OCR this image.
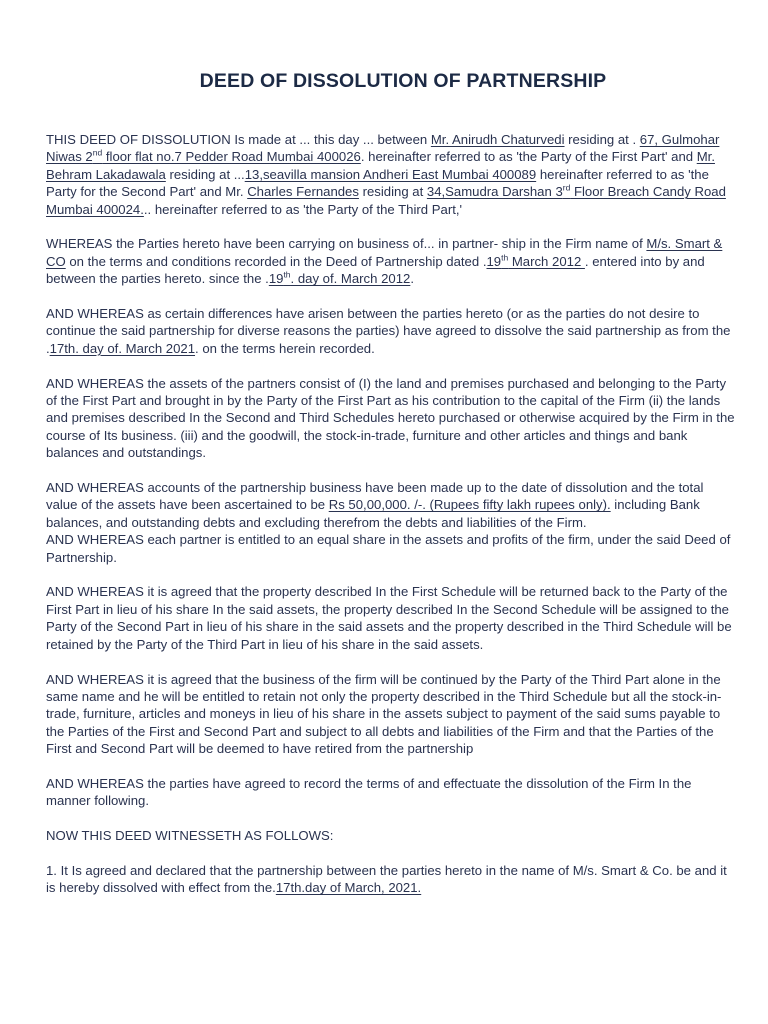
DEED OF DISSOLUTION OF PARTNERSHIP

THIS DEED OF DISSOLUTION Is made at ... this day ... between Mr. Anirudh Chaturvedi residing at . 67, Gulmohar Niwas 2nd floor flat no.7 Pedder Road Mumbai 400026. hereinafter referred to as 'the Party of the First Part' and Mr. Behram Lakadawala residing at ...13,seavilla mansion Andheri East Mumbai 400089 hereinafter referred to as 'the Party for the Second Part' and Mr. Charles Fernandes residing at 34,Samudra Darshan 3rd Floor Breach Candy Road Mumbai 400024... hereinafter referred to as 'the Party of the Third Part,'

WHEREAS the Parties hereto have been carrying on business of... in partner- ship in the Firm name of M/s. Smart & CO on the terms and conditions recorded in the Deed of Partnership dated .19th March 2012 . entered into by and between the parties hereto. since the .19th. day of. March 2012.

AND WHEREAS as certain differences have arisen between the parties hereto (or as the parties do not desire to continue the said partnership for diverse reasons the parties) have agreed to dissolve the said partnership as from the .17th. day of. March 2021. on the terms herein recorded.

AND WHEREAS the assets of the partners consist of (I) the land and premises purchased and belonging to the Party of the First Part and brought in by the Party of the First Part as his contribution to the capital of the Firm (ii) the lands and premises described In the Second and Third Schedules hereto purchased or otherwise acquired by the Firm in the course of Its business. (iii) and the goodwill, the stock-in-trade, furniture and other articles and things and bank balances and outstandings.

AND WHEREAS accounts of the partnership business have been made up to the date of dissolution and the total value of the assets have been ascertained to be Rs 50,00,000. /-. (Rupees fifty lakh rupees only). including Bank balances, and outstanding debts and excluding therefrom the debts and liabilities of the Firm.

AND WHEREAS each partner is entitled to an equal share in the assets and profits of the firm, under the said Deed of Partnership.

AND WHEREAS it is agreed that the property described In the First Schedule will be returned back to the Party of the First Part in lieu of his share In the said assets, the property described In the Second Schedule will be assigned to the Party of the Second Part in lieu of his share in the said assets and the property described in the Third Schedule will be retained by the Party of the Third Part in lieu of his share in the said assets.

AND WHEREAS it is agreed that the business of the firm will be continued by the Party of the Third Part alone in the same name and he will be entitled to retain not only the property described in the Third Schedule but all the stock-in- trade, furniture, articles and moneys in lieu of his share in the assets subject to payment of the said sums payable to the Parties of the First and Second Part and subject to all debts and liabilities of the Firm and that the Parties of the First and Second Part will be deemed to have retired from the partnership

AND WHEREAS the parties have agreed to record the terms of and effectuate the dissolution of the Firm In the manner following.

NOW THIS DEED WITNESSETH AS FOLLOWS:

1. It Is agreed and declared that the partnership between the parties hereto in the name of M/s. Smart & Co. be and it is hereby dissolved with effect from the.17th.day of March, 2021.
